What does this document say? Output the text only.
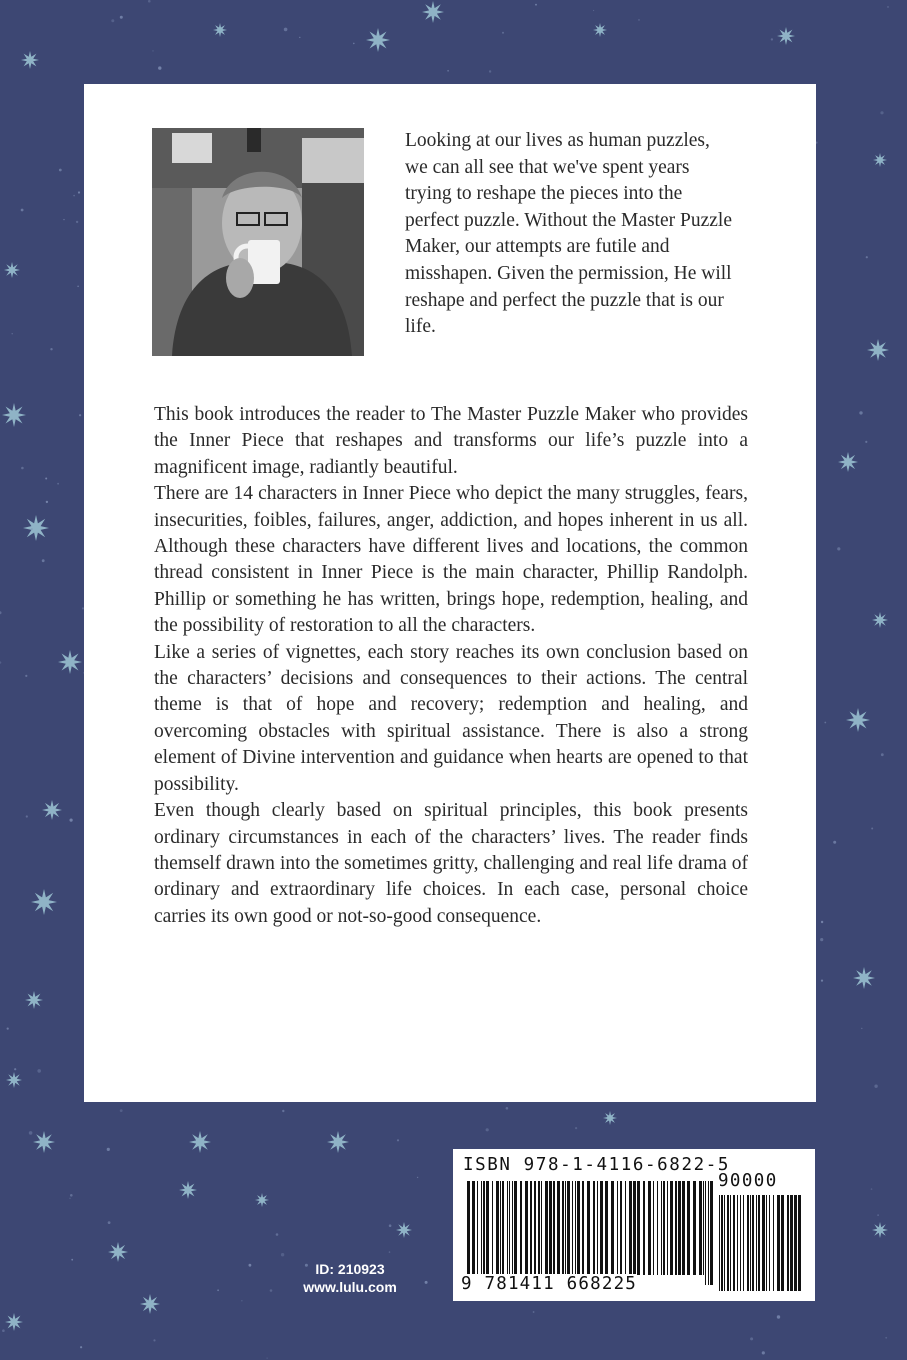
Looking at our lives as human puzzles, we can all see that we've spent years trying to reshape the pieces into the perfect puzzle. Without the Master Puzzle Maker, our attempts are futile and misshapen. Given the permission, He will reshape and perfect the puzzle that is our life.

This book introduces the reader to The Master Puzzle Maker who provides the Inner Piece that reshapes and transforms our life’s puzzle into a magnificent image, radiantly beautiful.

There are 14 characters in Inner Piece who depict the many struggles, fears, insecurities, foibles, failures, anger, addiction, and hopes inherent in us all. Although these characters have different lives and locations, the common thread consistent in Inner Piece is the main character, Phillip Randolph. Phillip or something he has written, brings hope, redemption, healing, and the possibility of restoration to all the characters.

Like a series of vignettes, each story reaches its own conclusion based on the characters’ decisions and consequences to their actions. The central theme is that of hope and recovery; redemption and healing, and overcoming obstacles with spiritual assistance. There is also a strong element of Divine intervention and guidance when hearts are opened to that possibility.

Even though clearly based on spiritual principles, this book presents ordinary circumstances in each of the characters’ lives. The reader finds themself drawn into the sometimes gritty, challenging and real life drama of ordinary and extraordinary life choices. In each case, personal choice carries its own good or not-so-good consequence.

ISBN 978-1-4116-6822-5
90000
9 781411 668225
ID: 210923
www.lulu.com
